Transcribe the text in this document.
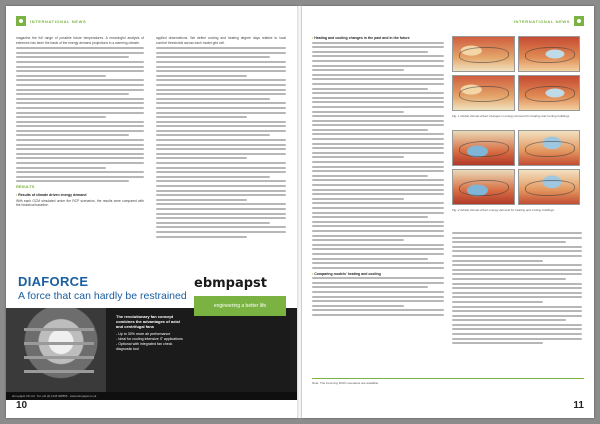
INTERNATIONAL NEWS

magazine the full range of possible future temperatures. A meaningful analysis of extremes has been the basis of the energy demand projections in a warming climate.

RESULTS
• Results of climate driven energy demand

With each GCM simulated under the RCP scenarios, the results were compared with the historical baseline.

applied observations. We define cooling and heating degree days relative to local comfort thresholds across each model grid cell.

DIAFORCE
A force that can hardly be restrained
ebmpapst
engineering a better life
The revolutionary fan concept combines the advantages of axial and centrifugal fans
- Up to 30% more air performance
- Ideal for cooling intensive IT applications
- Optional with integrated fan check diagnostic tool
ebm-papst UK Ltd · Tel +44 (0) 1245 468555 · www.ebmpapst.co.uk
10
INTERNATIONAL NEWS
• Heating and cooling changes in the past and in the future
• Comparing models' heating and cooling
Fig. 1 Global climate driven changes in energy demand for heating and cooling buildings.
Fig. 2 Global climate driven energy demand for heating and cooling buildings.
Note: The incoming RCPs scenarios are available
11
